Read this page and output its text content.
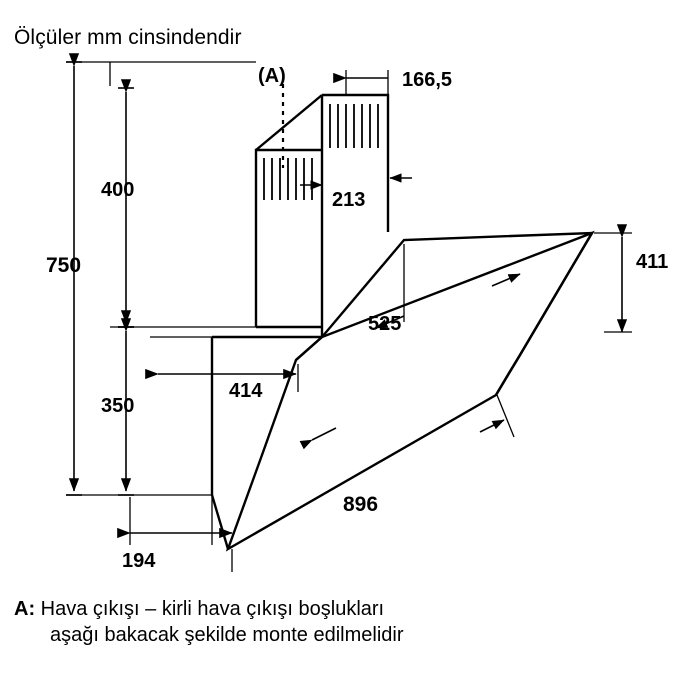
Ölçüler mm cinsindendir
(A)
750
400
350
166,5
213
525
411
414
896
194
A: Hava çıkışı – kirli hava çıkışı boşlukları
aşağı bakacak şekilde monte edilmelidir
